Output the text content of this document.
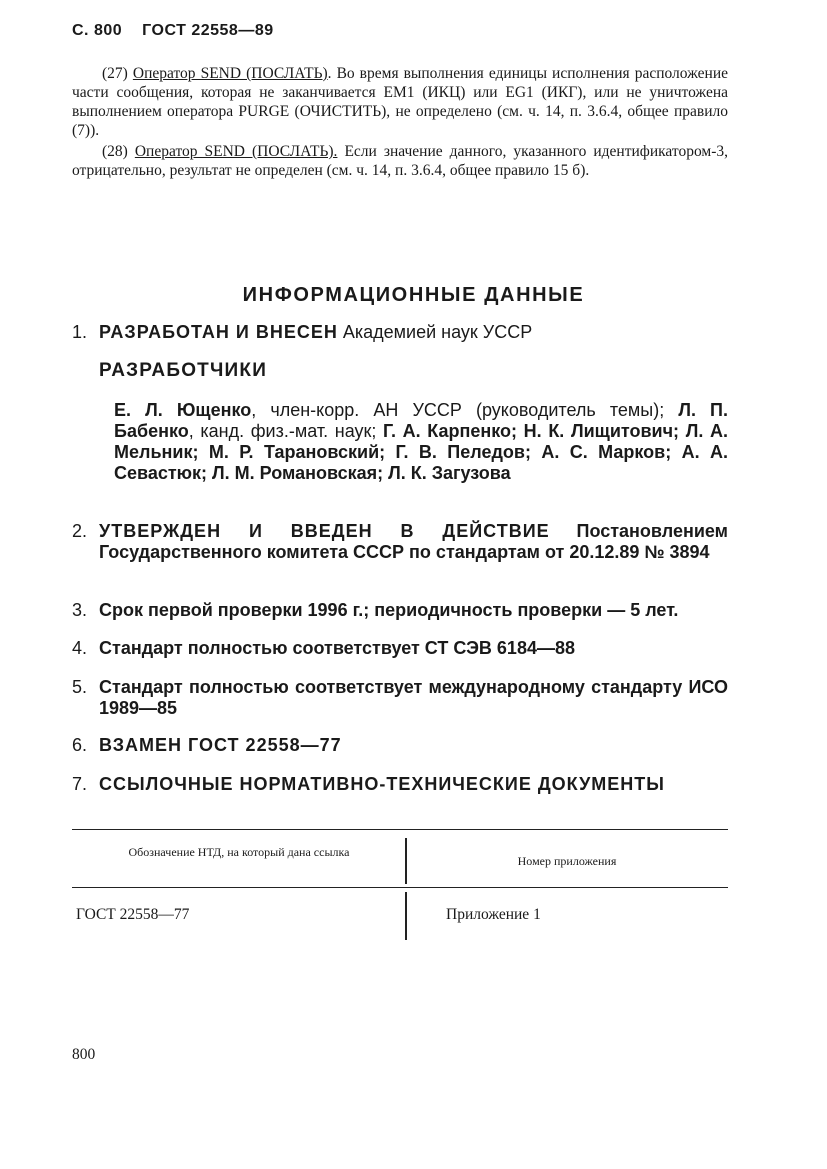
С. 800 ГОСТ 22558—89

(27) Оператор SEND (ПОСЛАТЬ). Во время выполнения единицы исполнения расположение части сообщения, которая не заканчивается EM1 (ИКЦ) или EG1 (ИКГ), или не уничтожена выполнением оператора PURGE (ОЧИСТИТЬ), не определено (см. ч. 14, п. 3.6.4, общее правило (7)).

(28) Оператор SEND (ПОСЛАТЬ). Если значение данного, указанного идентификатором-3, отрицательно, результат не определен (см. ч. 14, п. 3.6.4, общее правило 15 б).

ИНФОРМАЦИОННЫЕ ДАННЫЕ
1. РАЗРАБОТАН И ВНЕСЕН Академией наук УССР
РАЗРАБОТЧИКИ
Е. Л. Ющенко, член-корр. АН УССР (руководитель темы); Л. П. Бабенко, канд. физ.-мат. наук; Г. А. Карпенко; Н. К. Лищитович; Л. А. Мельник; М. Р. Тарановский; Г. В. Пеледов; А. С. Марков; А. А. Севастюк; Л. М. Романовская; Л. К. Загузова
2. УТВЕРЖДЕН И ВВЕДЕН В ДЕЙСТВИЕ Постановлением Государственного комитета СССР по стандартам от 20.12.89 № 3894
3. Срок первой проверки 1996 г.; периодичность проверки — 5 лет.
4. Стандарт полностью соответствует СТ СЭВ 6184—88
5. Стандарт полностью соответствует международному стандарту ИСО 1989—85
6. ВЗАМЕН ГОСТ 22558—77
7. ССЫЛОЧНЫЕ НОРМАТИВНО-ТЕХНИЧЕСКИЕ ДОКУМЕНТЫ
Обозначение НТД, на который дана ссылка
Номер приложения
ГОСТ 22558—77	Приложение 1
800
